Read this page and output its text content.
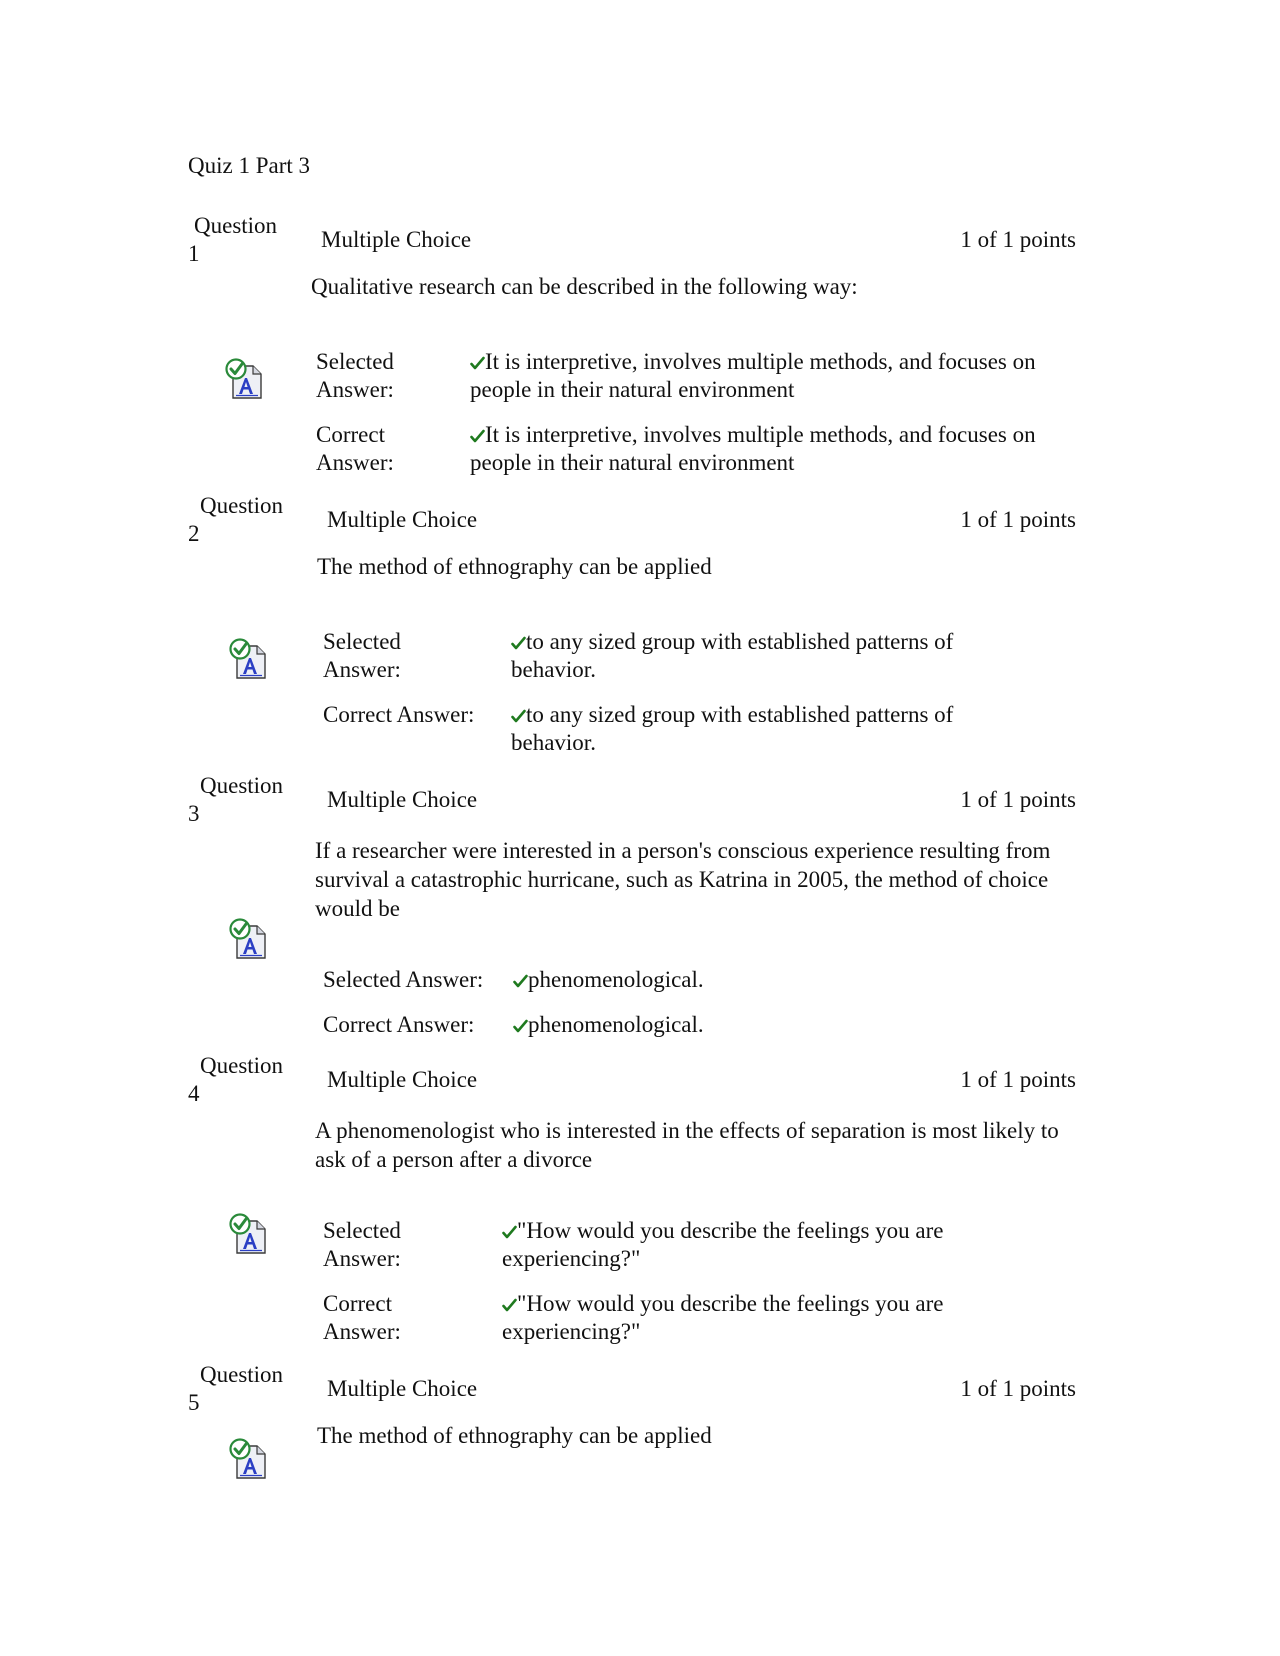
Quiz 1 Part 3
Question
1
Multiple Choice	1 of 1 points
Qualitative research can be described in the following way:
Selected Answer:
It is interpretive, involves multiple methods, and focuses on people in their natural environment
Correct Answer:
It is interpretive, involves multiple methods, and focuses on people in their natural environment
Question
2
Multiple Choice	1 of 1 points
The method of ethnography can be applied
Selected Answer:
to any sized group with established patterns of behavior.
Correct Answer:	to any sized group with established patterns of behavior.
Question
3
Multiple Choice	1 of 1 points
If a researcher were interested in a person's conscious experience resulting from survival a catastrophic hurricane, such as Katrina in 2005, the method of choice would be
Selected Answer:	phenomenological.
Correct Answer:	phenomenological.
Question
4
Multiple Choice	1 of 1 points
A phenomenologist who is interested in the effects of separation is most likely to ask of a person after a divorce
Selected Answer:
"How would you describe the feelings you are experiencing?"
Correct Answer:
"How would you describe the feelings you are experiencing?"
Question
5
Multiple Choice	1 of 1 points
The method of ethnography can be applied
